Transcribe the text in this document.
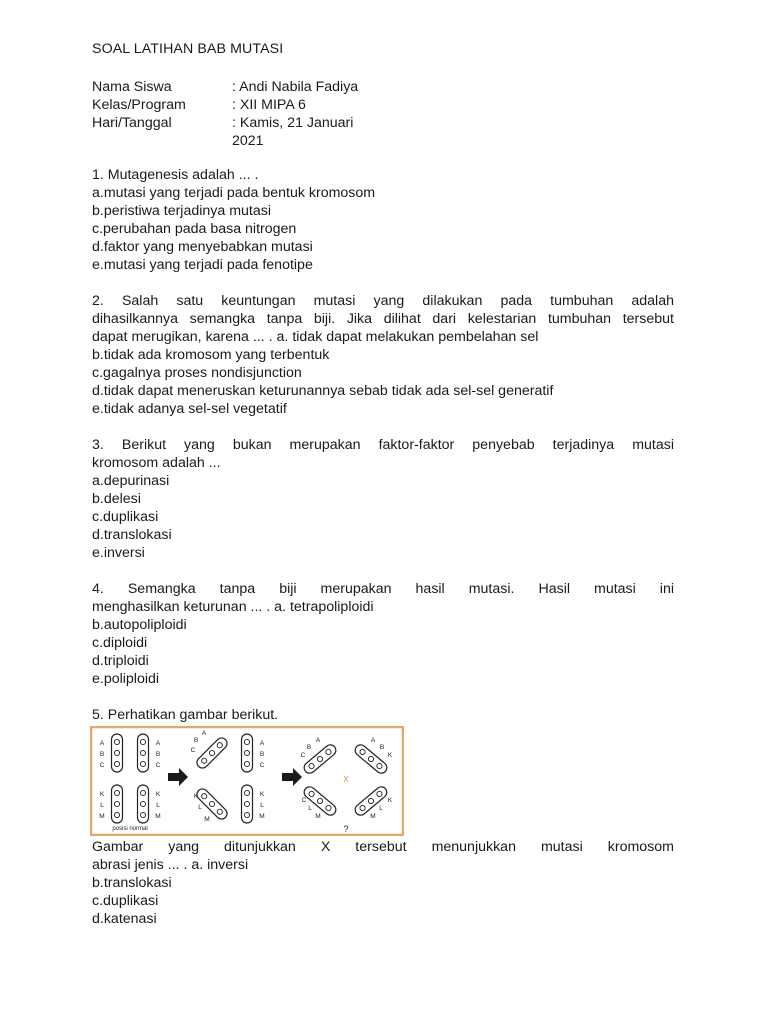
SOAL LATIHAN BAB MUTASI
Nama Siswa	: Andi Nabila Fadiya
Kelas/Program	: XII MIPA 6
Hari/Tanggal	: Kamis, 21 Januari
2021
1. Mutagenesis adalah ... .
a.mutasi yang terjadi pada bentuk kromosom
b.peristiwa terjadinya mutasi
c.perubahan pada basa nitrogen
d.faktor yang menyebabkan mutasi
e.mutasi yang terjadi pada fenotipe
2. Salah satu keuntungan mutasi yang dilakukan pada tumbuhan adalah
dihasilkannya semangka tanpa biji. Jika dilihat dari kelestarian tumbuhan tersebut
dapat merugikan, karena ... . a. tidak dapat melakukan pembelahan sel
b.tidak ada kromosom yang terbentuk
c.gagalnya proses nondisjunction
d.tidak dapat meneruskan keturunannya sebab tidak ada sel-sel generatif
e.tidak adanya sel-sel vegetatif
3. Berikut yang bukan merupakan faktor-faktor penyebab terjadinya mutasi
kromosom adalah ...
a.depurinasi
b.delesi
c.duplikasi
d.translokasi
e.inversi
4. Semangka tanpa biji merupakan hasil mutasi. Hasil mutasi ini
menghasilkan keturunan ... . a. tetrapoliploidi
b.autopoliploidi
c.diploidi
d.triploidi
e.poliploidi
5. Perhatikan gambar berikut.
A
B
C
A
B
C
K
L
M
K
L
M
posisi normal
A
B
C
A
B
C
K
L
M
K
L
M
A
B
C
A
B
K
C
L
M
K
L
M
X
?
Gambar yang ditunjukkan X tersebut menunjukkan mutasi kromosom
abrasi jenis ... . a. inversi
b.translokasi
c.duplikasi
d.katenasi
